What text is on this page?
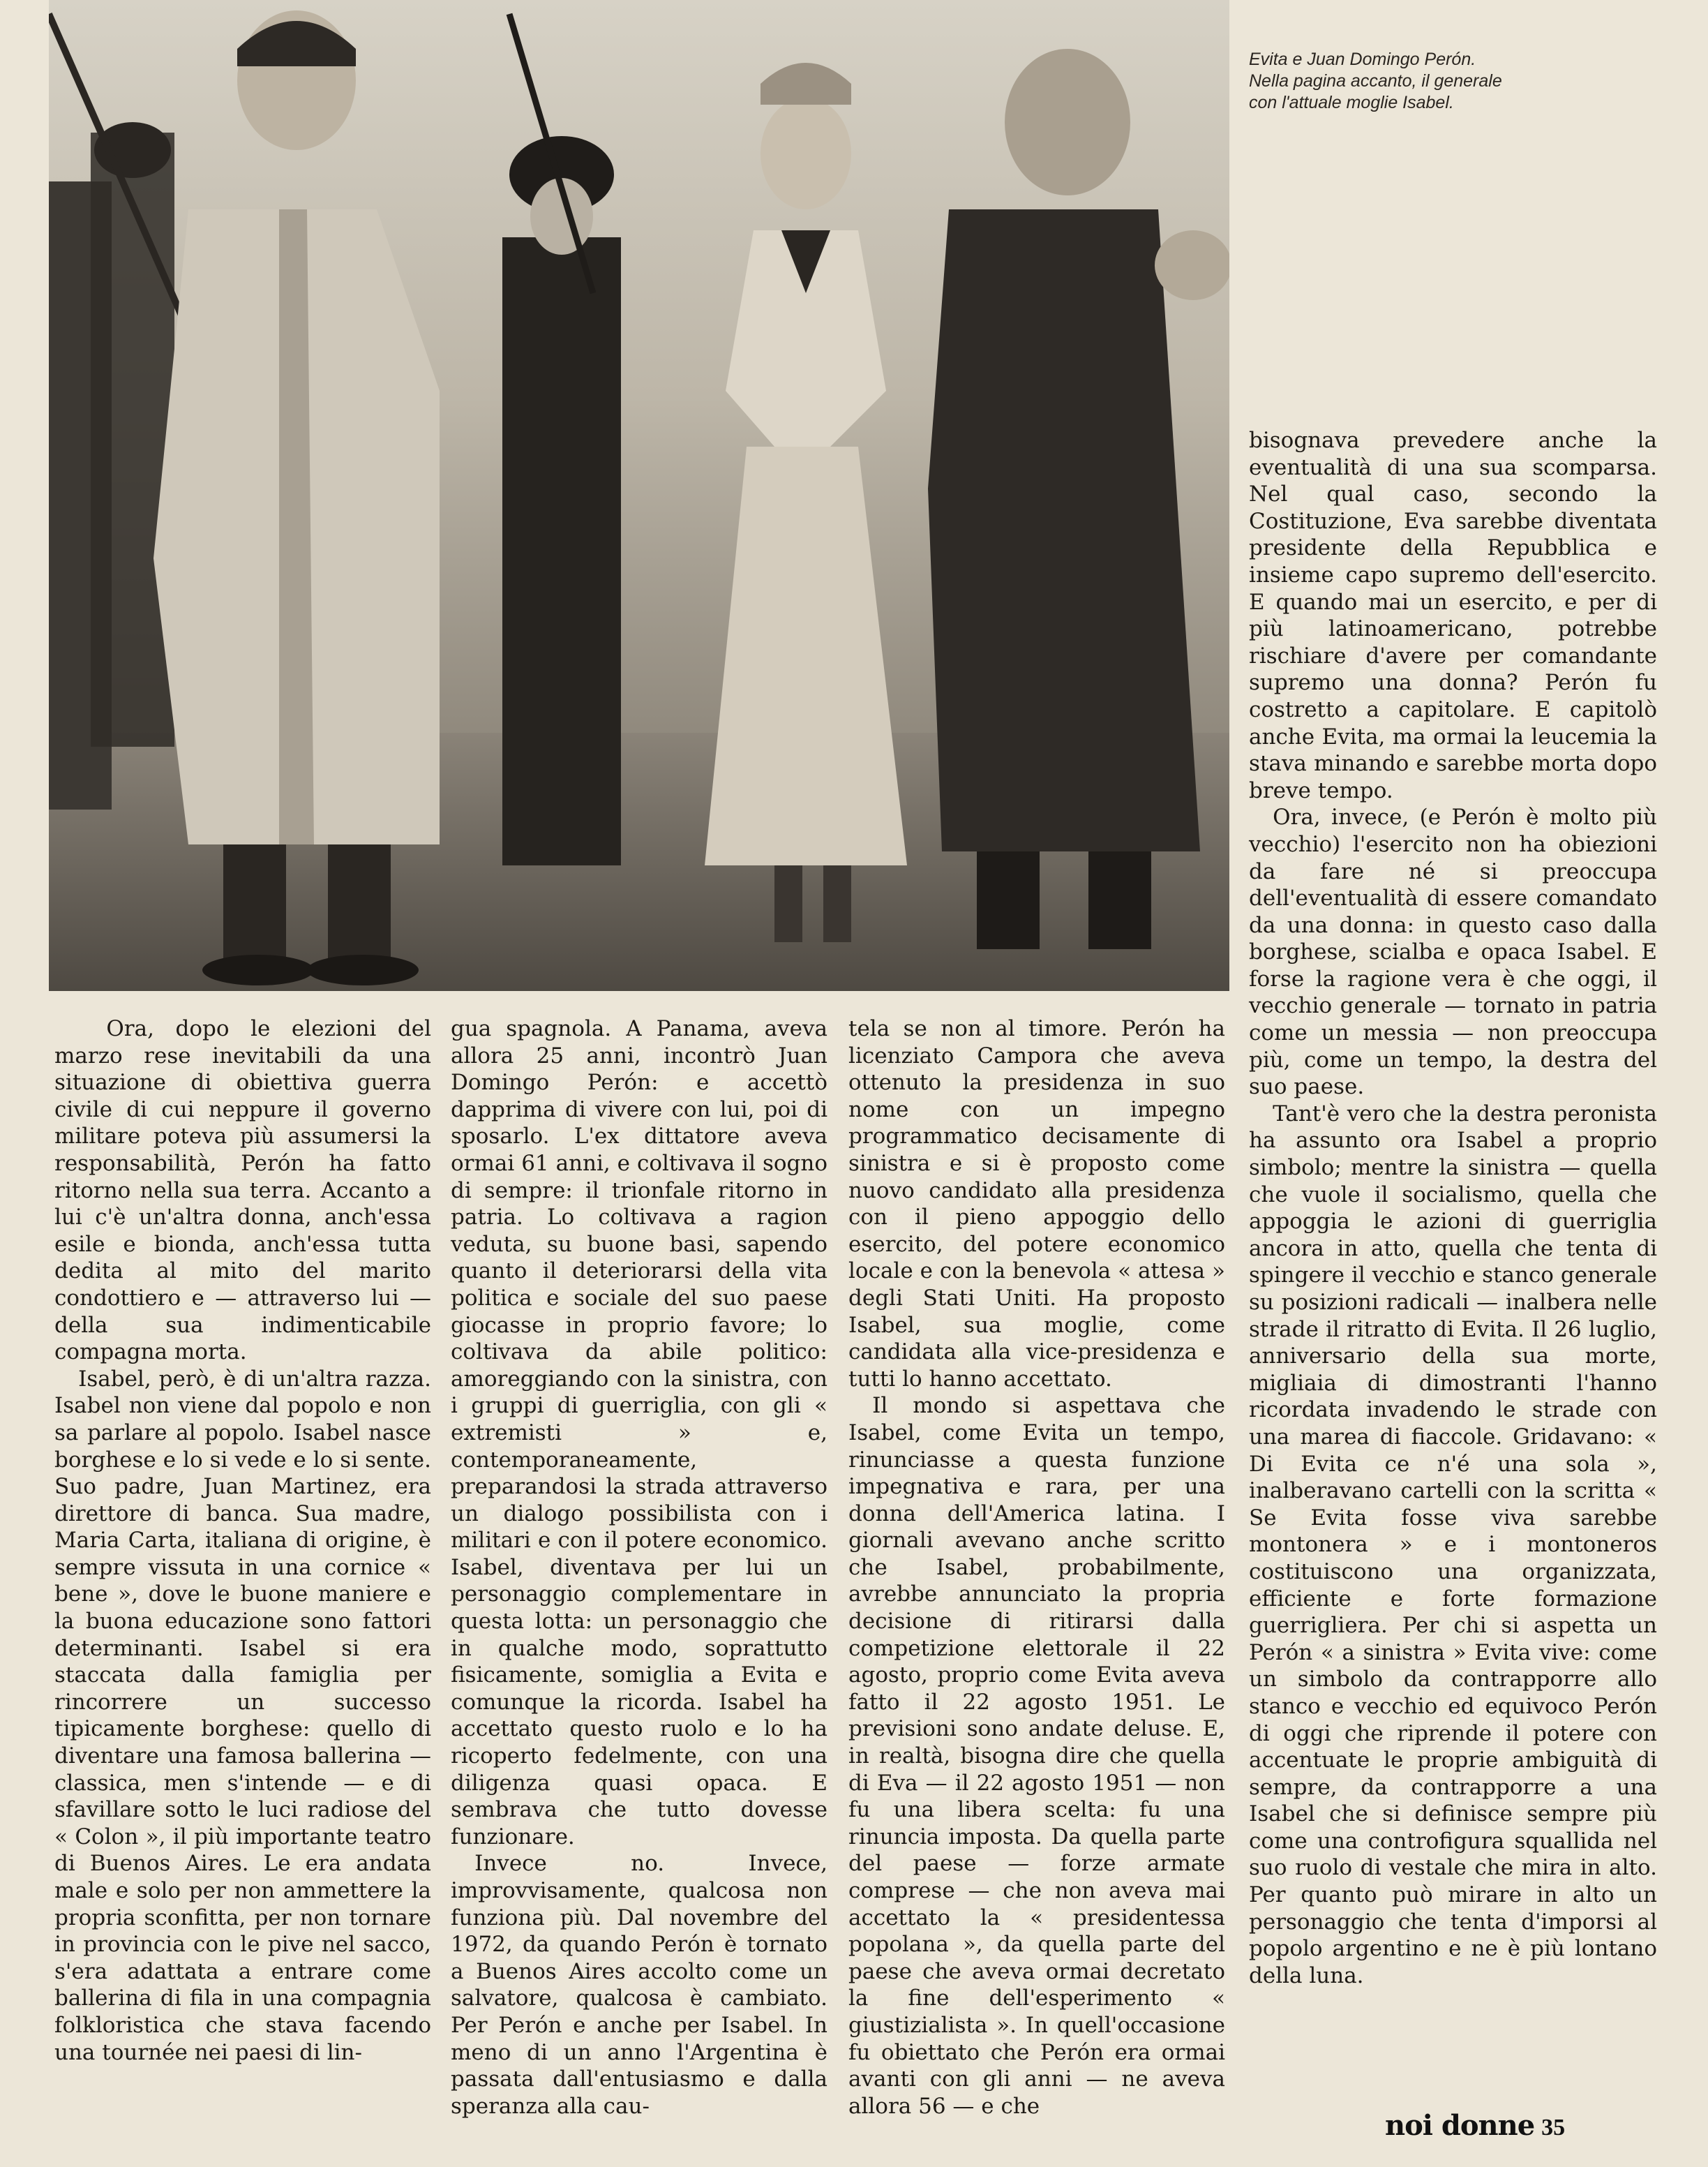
Evita e Juan Domingo Perón.
Nella pagina accanto, il generale
con l'attuale moglie Isabel.

Ora, dopo le elezioni del marzo rese inevitabili da una situazione di obiettiva guerra civile di cui neppure il governo militare poteva più assumersi la responsabilità, Perón ha fatto ritorno nella sua terra. Accanto a lui c'è un'altra donna, anch'essa esile e bionda, anch'essa tutta dedita al mito del marito condottiero e — attraverso lui — della sua indimenticabile compagna morta.

Isabel, però, è di un'altra razza. Isabel non viene dal popolo e non sa parlare al popolo. Isabel nasce borghese e lo si vede e lo si sente. Suo padre, Juan Martinez, era direttore di banca. Sua madre, Maria Carta, italiana di origine, è sempre vissuta in una cornice « bene », dove le buone maniere e la buona educazione sono fattori determinanti. Isabel si era staccata dalla famiglia per rincorrere un successo tipicamente borghese: quello di diventare una famosa ballerina — classica, men s'intende — e di sfavillare sotto le luci radiose del « Colon », il più importante teatro di Buenos Aires. Le era andata male e solo per non ammettere la propria sconfitta, per non tornare in provincia con le pive nel sacco, s'era adattata a entrare come ballerina di fila in una compagnia folkloristica che stava facendo una tournée nei paesi di lin-

gua spagnola. A Panama, aveva allora 25 anni, incontrò Juan Domingo Perón: e accettò dapprima di vivere con lui, poi di sposarlo. L'ex dittatore aveva ormai 61 anni, e coltivava il sogno di sempre: il trionfale ritorno in patria. Lo coltivava a ragion veduta, su buone basi, sapendo quanto il deteriorarsi della vita politica e sociale del suo paese giocasse in proprio favore; lo coltivava da abile politico: amoreggiando con la sinistra, con i gruppi di guerriglia, con gli « extremisti » e, contemporaneamente, preparandosi la strada attraverso un dialogo possibilista con i militari e con il potere economico. Isabel, diventava per lui un personaggio complementare in questa lotta: un personaggio che in qualche modo, soprattutto fisicamente, somiglia a Evita e comunque la ricorda. Isabel ha accettato questo ruolo e lo ha ricoperto fedelmente, con una diligenza quasi opaca. E sembrava che tutto dovesse funzionare.

Invece no. Invece, improvvisamente, qualcosa non funziona più. Dal novembre del 1972, da quando Perón è tornato a Buenos Aires accolto come un salvatore, qualcosa è cambiato. Per Perón e anche per Isabel. In meno di un anno l'Argentina è passata dall'entusiasmo e dalla speranza alla cau-

tela se non al timore. Perón ha licenziato Campora che aveva ottenuto la presidenza in suo nome con un impegno programmatico decisamente di sinistra e si è proposto come nuovo candidato alla presidenza con il pieno appoggio dello esercito, del potere economico locale e con la benevola « attesa » degli Stati Uniti. Ha proposto Isabel, sua moglie, come candidata alla vice-presidenza e tutti lo hanno accettato.

Il mondo si aspettava che Isabel, come Evita un tempo, rinunciasse a questa funzione impegnativa e rara, per una donna dell'America latina. I giornali avevano anche scritto che Isabel, probabilmente, avrebbe annunciato la propria decisione di ritirarsi dalla competizione elettorale il 22 agosto, proprio come Evita aveva fatto il 22 agosto 1951. Le previsioni sono andate deluse. E, in realtà, bisogna dire che quella di Eva — il 22 agosto 1951 — non fu una libera scelta: fu una rinuncia imposta. Da quella parte del paese — forze armate comprese — che non aveva mai accettato la « presidentessa popolana », da quella parte del paese che aveva ormai decretato la fine dell'esperimento « giustizialista ». In quell'occasione fu obiettato che Perón era ormai avanti con gli anni — ne aveva allora 56 — e che

bisognava prevedere anche la eventualità di una sua scomparsa. Nel qual caso, secondo la Costituzione, Eva sarebbe diventata presidente della Repubblica e insieme capo supremo dell'esercito. E quando mai un esercito, e per di più latinoamericano, potrebbe rischiare d'avere per comandante supremo una donna? Perón fu costretto a capitolare. E capitolò anche Evita, ma ormai la leucemia la stava minando e sarebbe morta dopo breve tempo.

Ora, invece, (e Perón è molto più vecchio) l'esercito non ha obiezioni da fare né si preoccupa dell'eventualità di essere comandato da una donna: in questo caso dalla borghese, scialba e opaca Isabel. E forse la ragione vera è che oggi, il vecchio generale — tornato in patria come un messia — non preoccupa più, come un tempo, la destra del suo paese.

Tant'è vero che la destra peronista ha assunto ora Isabel a proprio simbolo; mentre la sinistra — quella che vuole il socialismo, quella che appoggia le azioni di guerriglia ancora in atto, quella che tenta di spingere il vecchio e stanco generale su posizioni radicali — inalbera nelle strade il ritratto di Evita. Il 26 luglio, anniversario della sua morte, migliaia di dimostranti l'hanno ricordata invadendo le strade con una marea di fiaccole. Gridavano: « Di Evita ce n'é una sola », inalberavano cartelli con la scritta « Se Evita fosse viva sarebbe montonera » e i montoneros costituiscono una organizzata, efficiente e forte formazione guerrigliera. Per chi si aspetta un Perón « a sinistra » Evita vive: come un simbolo da contrapporre allo stanco e vecchio ed equivoco Perón di oggi che riprende il potere con accentuate le proprie ambiguità di sempre, da contrapporre a una Isabel che si definisce sempre più come una controfigura squallida nel suo ruolo di vestale che mira in alto. Per quanto può mirare in alto un personaggio che tenta d'imporsi al popolo argentino e ne è più lontano della luna.

noi donne 35
